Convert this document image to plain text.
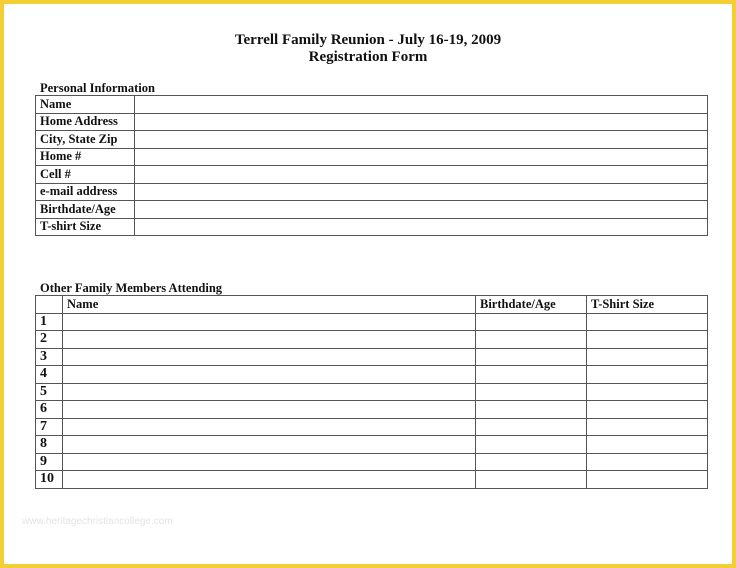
Terrell Family Reunion - July 16-19, 2009
Registration Form
Personal Information
Name	
Home Address	
City, State Zip	
Home #	
Cell #	
e-mail address	
Birthdate/Age	
T-shirt Size	
Other Family Members Attending
	Name	Birthdate/Age	T-Shirt Size
1			
2			
3			
4			
5			
6			
7			
8			
9			
10			
www.heritagechristiancollege.com
